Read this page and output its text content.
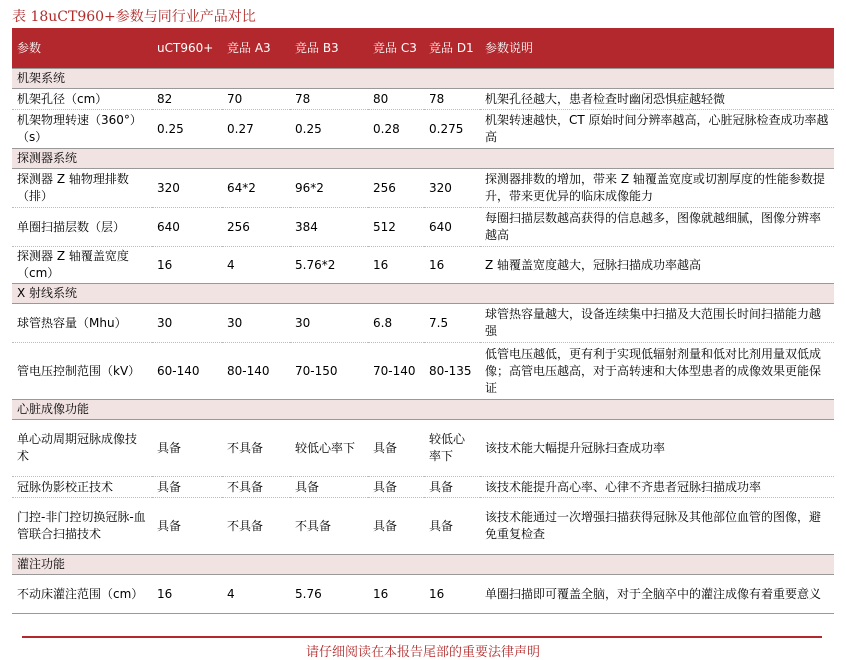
表 18uCT960+参数与同行业产品对比
参数	uCT960+	竞品 A3	竞品 B3	竞品 C3	竞品 D1	参数说明
机架系统						
机架孔径（cm）	82	70	78	80	78	机架孔径越大，患者检查时幽闭恐惧症越轻微
机架物理转速（360°）（s）	0.25	0.27	0.25	0.28	0.275	机架转速越快，CT 原始时间分辨率越高，心脏冠脉检查成功率越高
探测器系统						
探测器 Z 轴物理排数（排）	320	64*2	96*2	256	320	探测器排数的增加，带来 Z 轴覆盖宽度或切割厚度的性能参数提升，带来更优异的临床成像能力
单圈扫描层数（层）	640	256	384	512	640	每圈扫描层数越高获得的信息越多，图像就越细腻，图像分辨率越高
探测器 Z 轴覆盖宽度（cm）	16	4	5.76*2	16	16	Z 轴覆盖宽度越大，冠脉扫描成功率越高
X 射线系统						
球管热容量（Mhu）	30	30	30	6.8	7.5	球管热容量越大，设备连续集中扫描及大范围长时间扫描能力越强
管电压控制范围（kV）	60-140	80-140	70-150	70-140	80-135	低管电压越低，更有利于实现低辐射剂量和低对比剂用量双低成像；高管电压越高，对于高转速和大体型患者的成像效果更能保证
心脏成像功能						
单心动周期冠脉成像技术	具备	不具备	较低心率下	具备	较低心率下	该技术能大幅提升冠脉扫查成功率
冠脉伪影校正技术	具备	不具备	具备	具备	具备	该技术能提升高心率、心律不齐患者冠脉扫描成功率
门控-非门控切换冠脉-血管联合扫描技术	具备	不具备	不具备	具备	具备	该技术能通过一次增强扫描获得冠脉及其他部位血管的图像，避免重复检查
灌注功能						
不动床灌注范围（cm）	16	4	5.76	16	16	单圈扫描即可覆盖全脑，对于全脑卒中的灌注成像有着重要意义
请仔细阅读在本报告尾部的重要法律声明
